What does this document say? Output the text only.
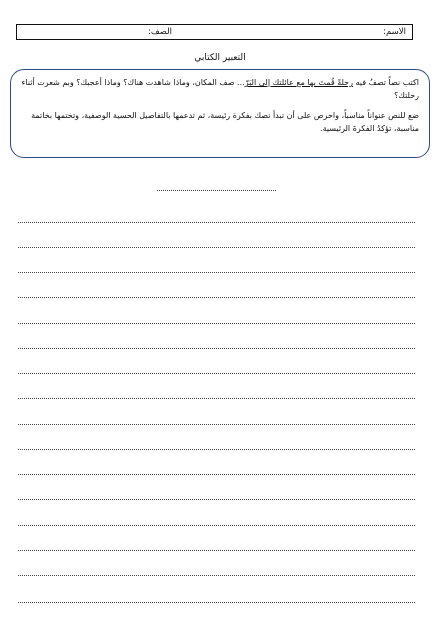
الاسم:
الصف:
التعبير الكتابي

اكتب نصاً تصفُ فيه رحلةً قُمتَ بها مع عائلتك إلى البَرّ... صف المكان، وماذا شاهدت هناك؟ وماذا أعجبك؟ وبم شعرت أثناء رحلتك؟

ضع للنص عنواناً مناسباً، واحرص على أن تبدأ نصك بفكرة رئيسة، ثم تدعمها بالتفاصيل الحسية الوصفية، وتختمها بخاتمة مناسبة، تؤكدُ الفكرةَ الرئيسية.
